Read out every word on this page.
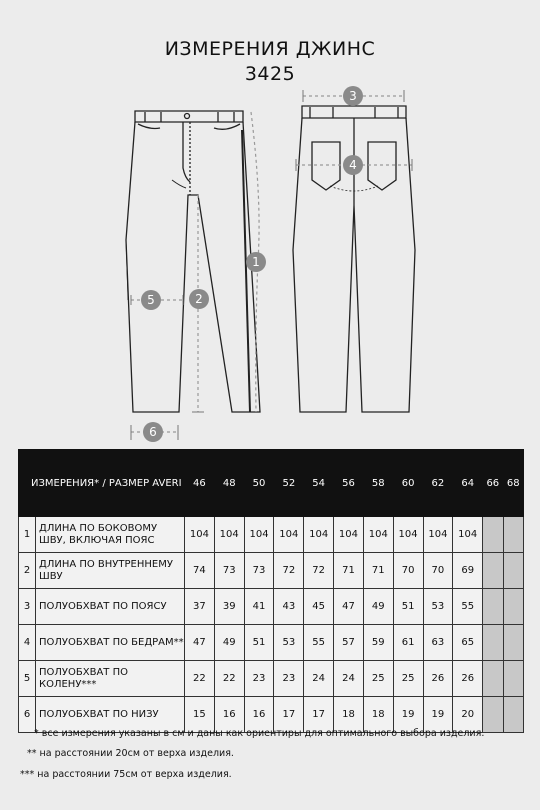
ИЗМЕРЕНИЯ ДЖИНС
3425
1
2
3
4
5
6
ИЗМЕРЕНИЯ* / РАЗМЕР AVERI		46	48	50	52	54	56	58	60	62	64	66	68
1	ДЛИНА ПО БОКОВОМУ ШВУ, ВКЛЮЧАЯ ПОЯС	104	104	104	104	104	104	104	104	104	104		
2	ДЛИНА ПО ВНУТРЕННЕМУ ШВУ	74	73	73	72	72	71	71	70	70	69		
3	ПОЛУОБХВАТ ПО ПОЯСУ	37	39	41	43	45	47	49	51	53	55		
4	ПОЛУОБХВАТ ПО БЕДРАМ**	47	49	51	53	55	57	59	61	63	65		
5	ПОЛУОБХВАТ ПО КОЛЕНУ***	22	22	23	23	24	24	25	25	26	26		
6	ПОЛУОБХВАТ ПО НИЗУ	15	16	16	17	17	18	18	19	19	20		
* все измерения указаны в см и даны как ориентиры для оптимального выбора изделия.
** на расстоянии 20см от верха изделия.
*** на расстоянии 75см от верха изделия.
